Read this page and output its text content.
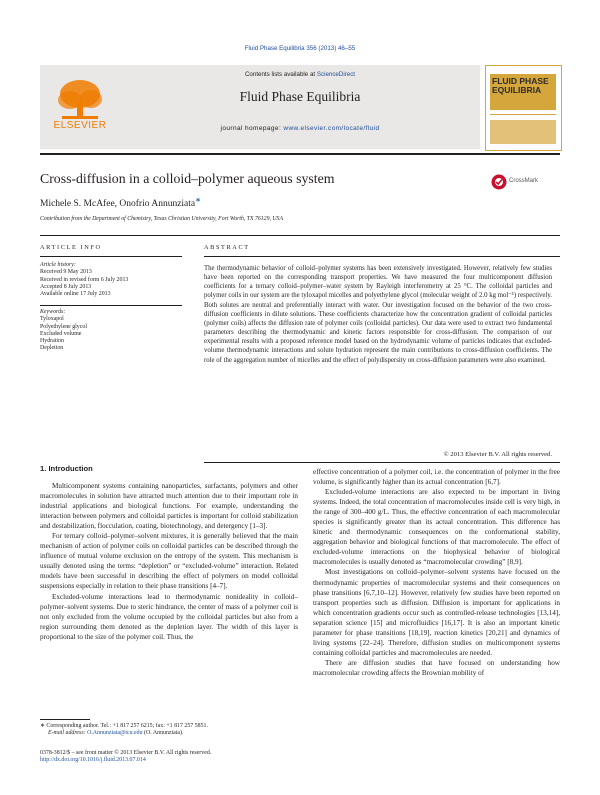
Fluid Phase Equilibria 356 (2013) 46–55
ELSEVIER
Contents lists available at ScienceDirect
Fluid Phase Equilibria
journal homepage: www.elsevier.com/locate/fluid
FLUID PHASE
EQUILIBRIA
Cross-diffusion in a colloid–polymer aqueous system	CrossMark
Michele S. McAfee, Onofrio Annunziata∗
Contribution from the Department of Chemistry, Texas Christian University, Fort Worth, TX 76129, USA
ARTICLE INFO
Article history:
Received 9 May 2013
Received in revised form 6 July 2013
Accepted 8 July 2013
Available online 17 July 2013
Keywords:
Tyloxapol
Polyethylene glycol
Excluded volume
Hydration
Depletion
ABSTRACT
The thermodynamic behavior of colloid–polymer systems has been extensively investigated. However, relatively few studies have been reported on the corresponding transport properties. We have measured the four multicomponent diffusion coefficients for a ternary colloid–polymer–water system by Rayleigh interferometry at 25 °C. The colloidal particles and polymer coils in our system are the tyloxapol micelles and polyethylene glycol (molecular weight of 2.0 kg mol⁻¹) respectively. Both solutes are neutral and preferentially interact with water. Our investigation focused on the behavior of the two cross-diffusion coefficients in dilute solutions. These coefficients characterize how the concentration gradient of colloidal particles (polymer coils) affects the diffusion rate of polymer coils (colloidal particles). Our data were used to extract two fundamental parameters describing the thermodynamic and kinetic factors responsible for cross-diffusion. The comparison of our experimental results with a proposed reference model based on the hydrodynamic volume of particles indicates that excluded-volume thermodynamic interactions and solute hydration represent the main contributions to cross-diffusion coefficients. The role of the aggregation number of micelles and the effect of polydispersity on cross-diffusion parameters were also examined.
© 2013 Elsevier B.V. All rights reserved.
1. Introduction

Multicomponent systems containing nanoparticles, surfactants, polymers and other macromolecules in solution have attracted much attention due to their important role in industrial applications and biological functions. For example, understanding the interaction between polymers and colloidal particles is important for colloid stabilization and destabilization, flocculation, coating, biotechnology, and detergency [1–3].

For ternary colloid–polymer–solvent mixtures, it is generally believed that the main mechanism of action of polymer coils on colloidal particles can be described through the influence of mutual volume exclusion on the entropy of the system. This mechanism is usually denoted using the terms: “depletion” or “excluded-volume” interaction. Related models have been successful in describing the effect of polymers on model colloidal suspensions especially in relation to their phase transitions [4–7].

Excluded-volume interactions lead to thermodynamic nonideality in colloid–polymer–solvent systems. Due to steric hindrance, the center of mass of a polymer coil is not only excluded from the volume occupied by the colloidal particles but also from a region surrounding them denoted as the depletion layer. The width of this layer is proportional to the size of the polymer coil. Thus, the

effective concentration of a polymer coil, i.e. the concentration of polymer in the free volume, is significantly higher than its actual concentration [6,7].

Excluded-volume interactions are also expected to be important in living systems. Indeed, the total concentration of macromolecules inside cell is very high, in the range of 300–400 g/L. Thus, the effective concentration of each macromolecular species is significantly greater than its actual concentration. This difference has kinetic and thermodynamic consequences on the conformational stability, aggregation behavior and biological functions of that macromolecule. The effect of excluded-volume interactions on the biophysical behavior of biological macromolecules is usually denoted as “macromolecular crowding” [8,9].

Most investigations on colloid–polymer–solvent systems have focused on the thermodynamic properties of macromolecular systems and their consequences on phase transitions [6,7,10–12]. However, relatively few studies have been reported on transport properties such as diffusion. Diffusion is important for applications in which concentration gradients occur such as controlled-release technologies [13,14], separation science [15] and microfluidics [16,17]. It is also an important kinetic parameter for phase transitions [18,19], reaction kinetics [20,21] and dynamics of living systems [22–24]. Therefore, diffusion studies on multicomponent systems containing colloidal particles and macromolecules are needed.

There are diffusion studies that have focused on understanding how macromolecular crowding affects the Brownian mobility of

∗ Corresponding author. Tel.: +1 817 257 6215; fax: +1 817 257 5851.
E-mail address: O.Annunziata@tcu.edu (O. Annunziata).
0378-3812/$ – see front matter © 2013 Elsevier B.V. All rights reserved.
http://dx.doi.org/10.1016/j.fluid.2013.07.014
